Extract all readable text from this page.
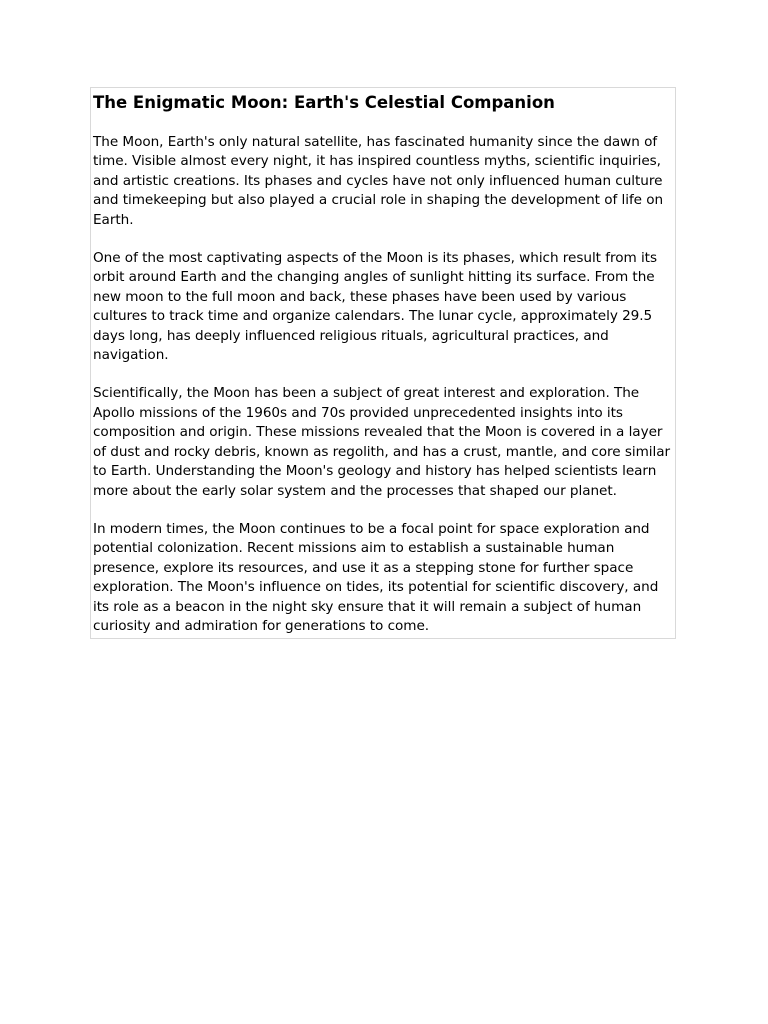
The Enigmatic Moon: Earth's Celestial Companion

The Moon, Earth's only natural satellite, has fascinated humanity since the dawn of time. Visible almost every night, it has inspired countless myths, scientific inquiries, and artistic creations. Its phases and cycles have not only influenced human culture and timekeeping but also played a crucial role in shaping the development of life on Earth.

One of the most captivating aspects of the Moon is its phases, which result from its orbit around Earth and the changing angles of sunlight hitting its surface. From the new moon to the full moon and back, these phases have been used by various cultures to track time and organize calendars. The lunar cycle, approximately 29.5 days long, has deeply influenced religious rituals, agricultural practices, and navigation.

Scientifically, the Moon has been a subject of great interest and exploration. The Apollo missions of the 1960s and 70s provided unprecedented insights into its composition and origin. These missions revealed that the Moon is covered in a layer of dust and rocky debris, known as regolith, and has a crust, mantle, and core similar to Earth. Understanding the Moon's geology and history has helped scientists learn more about the early solar system and the processes that shaped our planet.

In modern times, the Moon continues to be a focal point for space exploration and potential colonization. Recent missions aim to establish a sustainable human presence, explore its resources, and use it as a stepping stone for further space exploration. The Moon's influence on tides, its potential for scientific discovery, and its role as a beacon in the night sky ensure that it will remain a subject of human curiosity and admiration for generations to come.
